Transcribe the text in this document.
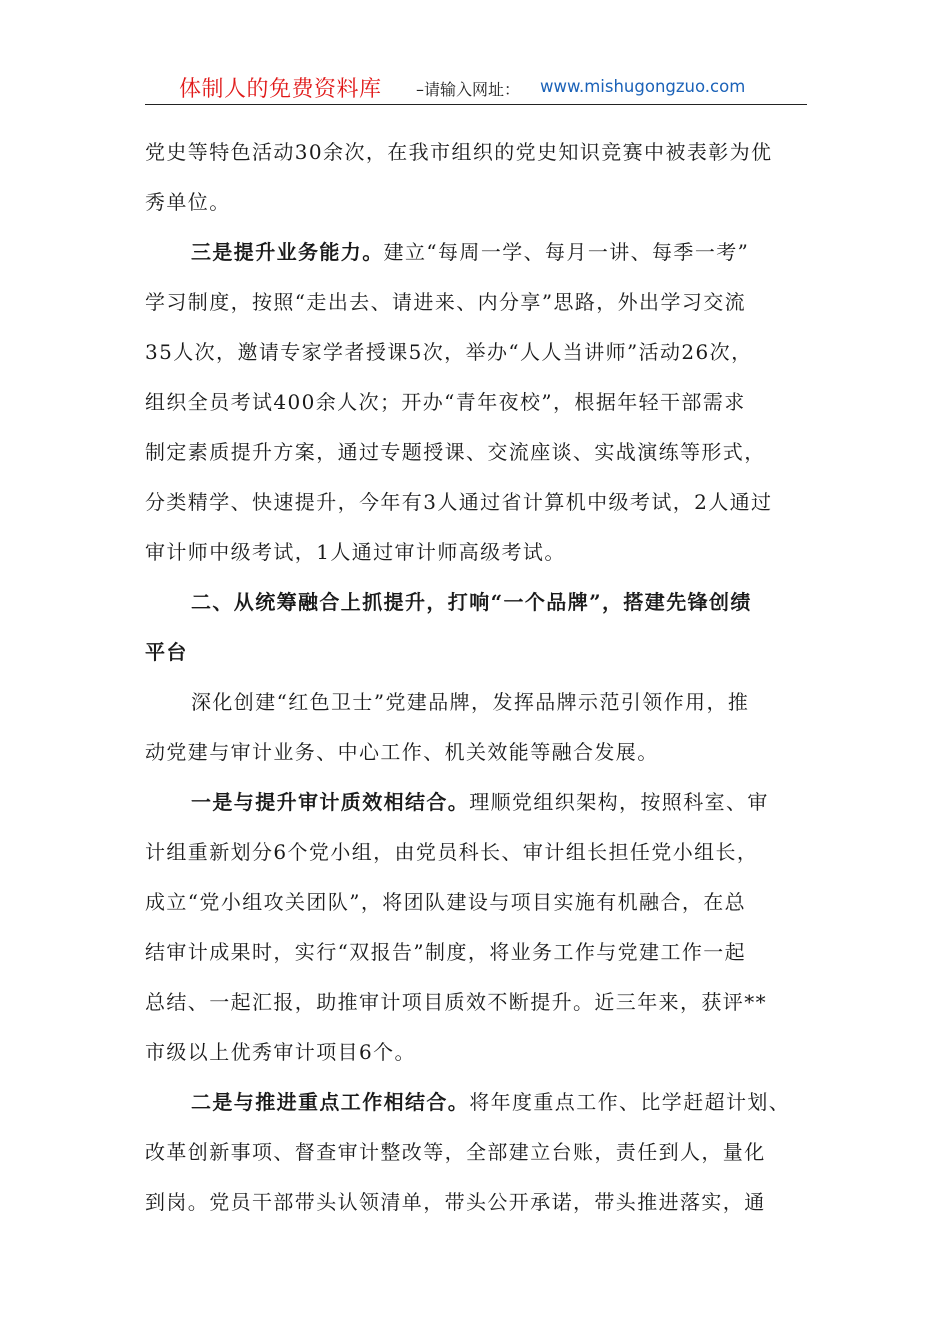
体制人的免费资料库 –请输入网址： www.mishugongzuo.com
党史等特色活动30余次，在我市组织的党史知识竞赛中被表彰为优
秀单位。
三是提升业务能力。建立“每周一学、每月一讲、每季一考”
学习制度，按照“走出去、请进来、内分享”思路，外出学习交流
35人次，邀请专家学者授课5次，举办“人人当讲师”活动26次，
组织全员考试400余人次；开办“青年夜校”，根据年轻干部需求
制定素质提升方案，通过专题授课、交流座谈、实战演练等形式，
分类精学、快速提升，今年有3人通过省计算机中级考试，2人通过
审计师中级考试，1人通过审计师高级考试。
二、从统筹融合上抓提升，打响“一个品牌”，搭建先锋创绩
平台
深化创建“红色卫士”党建品牌，发挥品牌示范引领作用，推
动党建与审计业务、中心工作、机关效能等融合发展。
一是与提升审计质效相结合。理顺党组织架构，按照科室、审
计组重新划分6个党小组，由党员科长、审计组长担任党小组长，
成立“党小组攻关团队”，将团队建设与项目实施有机融合，在总
结审计成果时，实行“双报告”制度，将业务工作与党建工作一起
总结、一起汇报，助推审计项目质效不断提升。近三年来，获评**
市级以上优秀审计项目6个。
二是与推进重点工作相结合。将年度重点工作、比学赶超计划、
改革创新事项、督查审计整改等，全部建立台账，责任到人，量化
到岗。党员干部带头认领清单，带头公开承诺，带头推进落实，通
